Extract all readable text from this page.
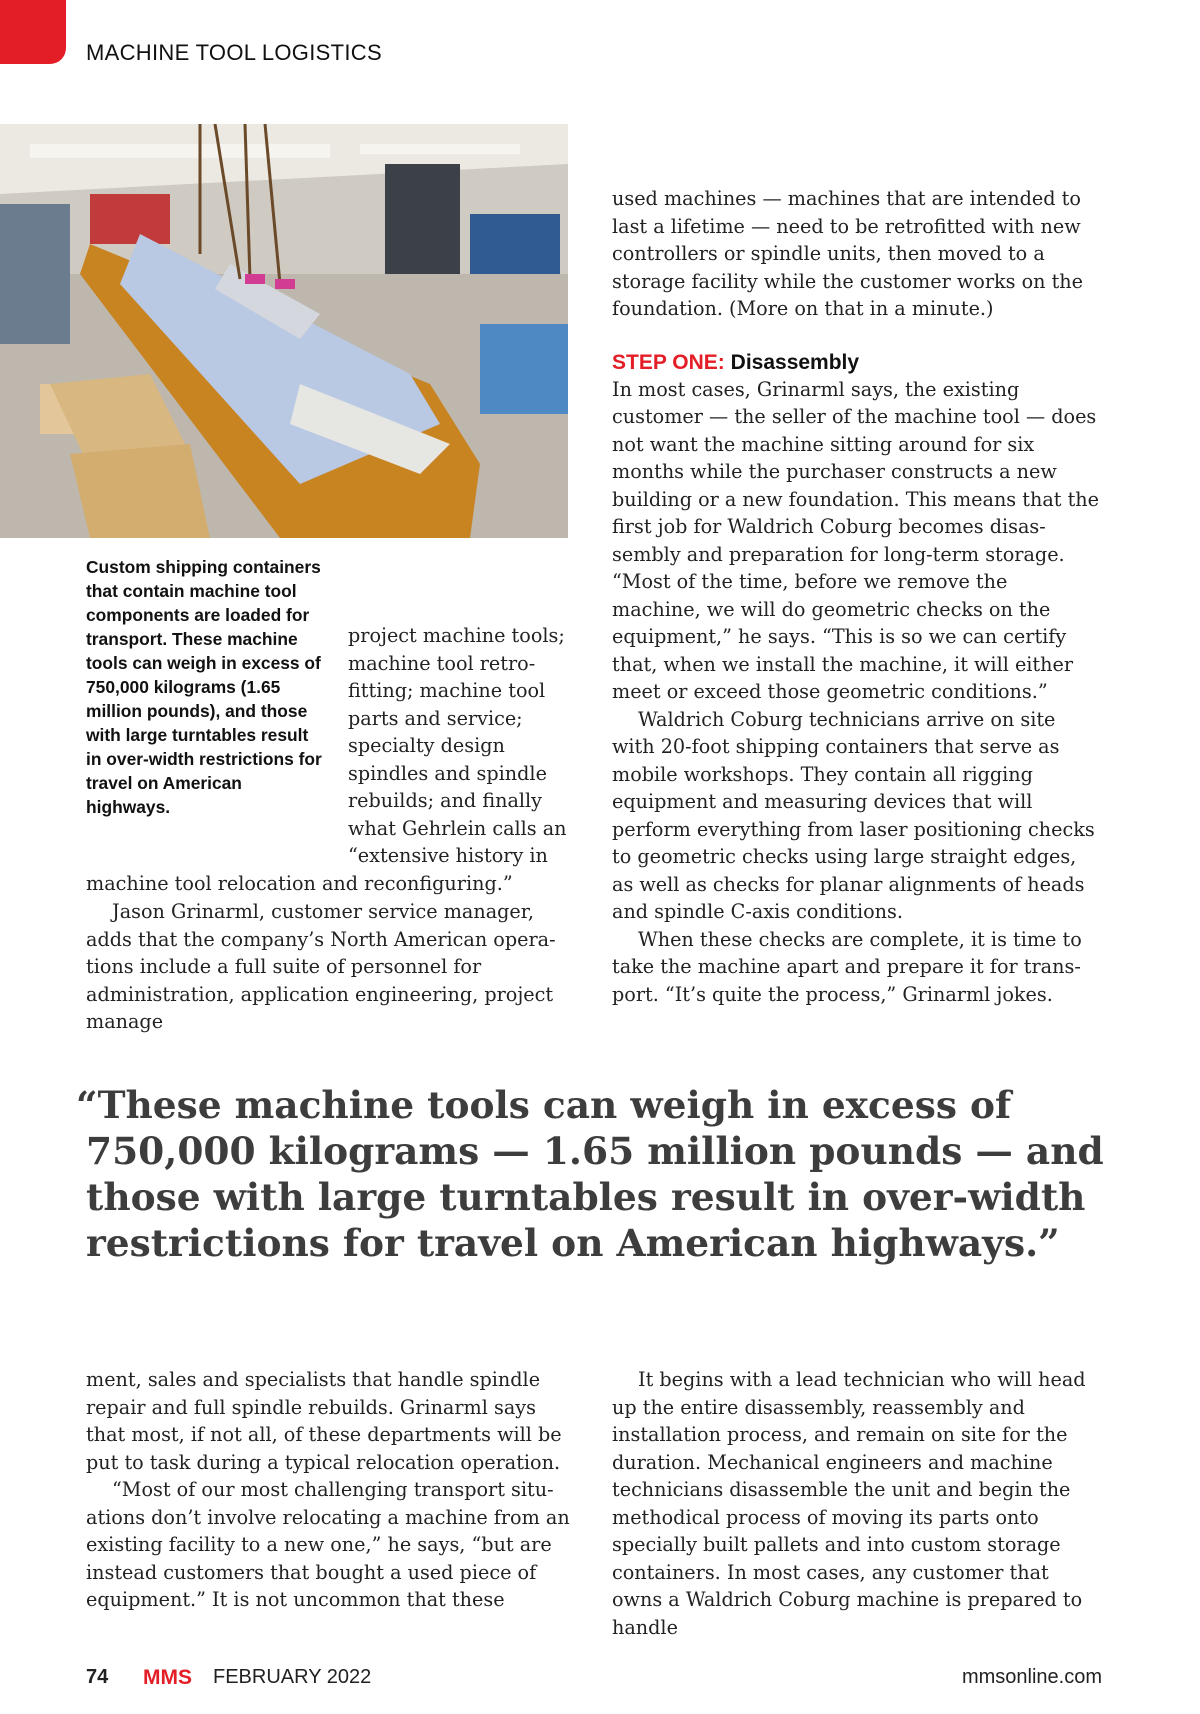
MACHINE TOOL LOGISTICS

Custom shipping containers that contain machine tool components are loaded for transport. These machine tools can weigh in excess of 750,000 kilograms (1.65 million pounds), and those with large turntables result in over-width restrictions for travel on American highways.

project machine tools; machine tool retrofitting; machine tool parts and service; specialty design spindles and spindle rebuilds; and finally what Gehrlein calls an “extensive history in

machine tool relocation and reconfiguring.”

Jason Grinarml, customer service manager, adds that the company’s North American operations include a full suite of personnel for administration, application engineering, project manage

used machines — machines that are intended to last a lifetime — need to be retrofitted with new controllers or spindle units, then moved to a storage facility while the customer works on the foundation. (More on that in a minute.)

STEP ONE: Disassembly

In most cases, Grinarml says, the existing customer — the seller of the machine tool — does not want the machine sitting around for six months while the purchaser constructs a new building or a new foundation. This means that the first job for Waldrich Coburg becomes disassembly and preparation for long-term storage. “Most of the time, before we remove the machine, we will do geometric checks on the equipment,” he says. “This is so we can certify that, when we install the machine, it will either meet or exceed those geometric conditions.”

Waldrich Coburg technicians arrive on site with 20-foot shipping containers that serve as mobile workshops. They contain all rigging equipment and measuring devices that will perform everything from laser positioning checks to geometric checks using large straight edges, as well as checks for planar alignments of heads and spindle C-axis conditions.

When these checks are complete, it is time to take the machine apart and prepare it for transport. “It’s quite the process,” Grinarml jokes.

“These machine tools can weigh in excess of 750,000 kilograms — 1.65 million pounds — and those with large turntables result in over-width restrictions for travel on American highways.”

ment, sales and specialists that handle spindle repair and full spindle rebuilds. Grinarml says that most, if not all, of these departments will be put to task during a typical relocation operation.

“Most of our most challenging transport situations don’t involve relocating a machine from an existing facility to a new one,” he says, “but are instead customers that bought a used piece of equipment.” It is not uncommon that these

It begins with a lead technician who will head up the entire disassembly, reassembly and installation process, and remain on site for the duration. Mechanical engineers and machine technicians disassemble the unit and begin the methodical process of moving its parts onto specially built pallets and into custom storage containers. In most cases, any customer that owns a Waldrich Coburg machine is prepared to handle

74 MMS FEBRUARY 2022	mmsonline.com
